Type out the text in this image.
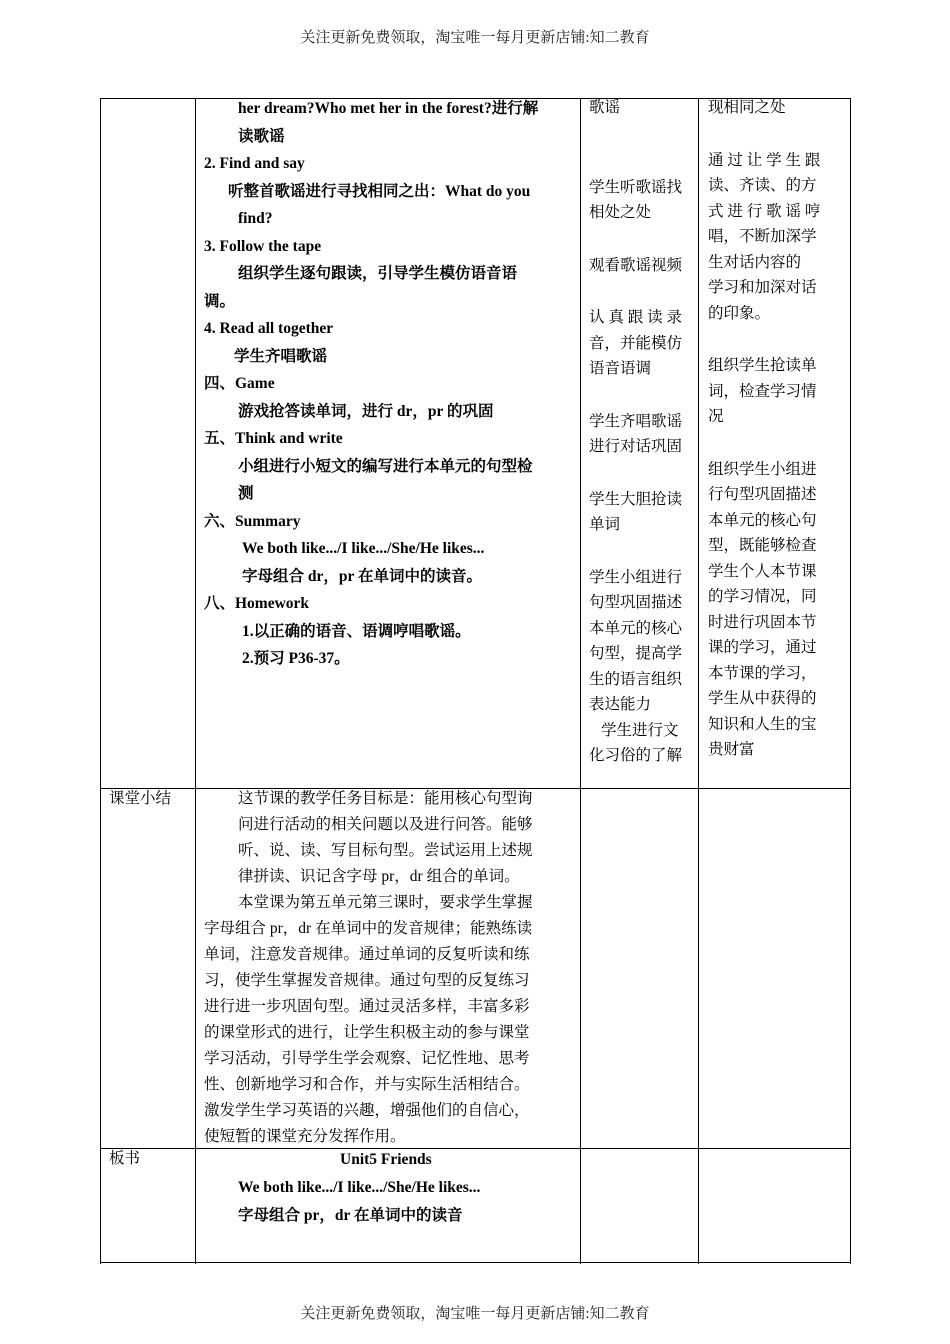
关注更新免费领取，淘宝唯一每月更新店铺:知二教育
her dream?Who met her in the forest?进行解
读歌谣
2. Find and say
听整首歌谣进行寻找相同之出：What do you
find?
3. Follow the tape
组织学生逐句跟读，引导学生模仿语音语
调。
4. Read all together
学生齐唱歌谣
四、Game
游戏抢答读单词，进行 dr，pr 的巩固
五、Think and write
小组进行小短文的编写进行本单元的句型检
测
六、Summary
We both like.../I like.../She/He likes...
字母组合 dr，pr 在单词中的读音。
八、Homework
1.以正确的语音、语调哼唱歌谣。
2.预习 P36-37。
歌谣
学生听歌谣找
相处之处
观看歌谣视频
认 真 跟 读 录
音，并能模仿
语音语调
学生齐唱歌谣
进行对话巩固
学生大胆抢读
单词
学生小组进行
句型巩固描述
本单元的核心
句型，提高学
生的语言组织
表达能力
学生进行文
化习俗的了解
现相同之处
通 过 让 学 生 跟
读、齐读、的方
式 进 行 歌 谣 哼
唱，不断加深学
生对话内容的
学习和加深对话
的印象。
组织学生抢读单
词，检查学习情
况
组织学生小组进
行句型巩固描述
本单元的核心句
型，既能够检查
学生个人本节课
的学习情况，同
时进行巩固本节
课的学习，通过
本节课的学习，
学生从中获得的
知识和人生的宝
贵财富
课堂小结	这节课的教学任务目标是：能用核心句型询
问进行活动的相关问题以及进行问答。能够
听、说、读、写目标句型。尝试运用上述规
律拼读、识记含字母 pr，dr 组合的单词。
本堂课为第五单元第三课时，要求学生掌握
字母组合 pr，dr 在单词中的发音规律；能熟练读
单词，注意发音规律。通过单词的反复听读和练
习，使学生掌握发音规律。通过句型的反复练习
进行进一步巩固句型。通过灵活多样，丰富多彩
的课堂形式的进行，让学生积极主动的参与课堂
学习活动，引导学生学会观察、记忆性地、思考
性、创新地学习和合作，并与实际生活相结合。
激发学生学习英语的兴趣，增强他们的自信心，
使短暂的课堂充分发挥作用。
板书	Unit5 Friends
We both like.../I like.../She/He likes...
字母组合 pr，dr 在单词中的读音
关注更新免费领取，淘宝唯一每月更新店铺:知二教育
